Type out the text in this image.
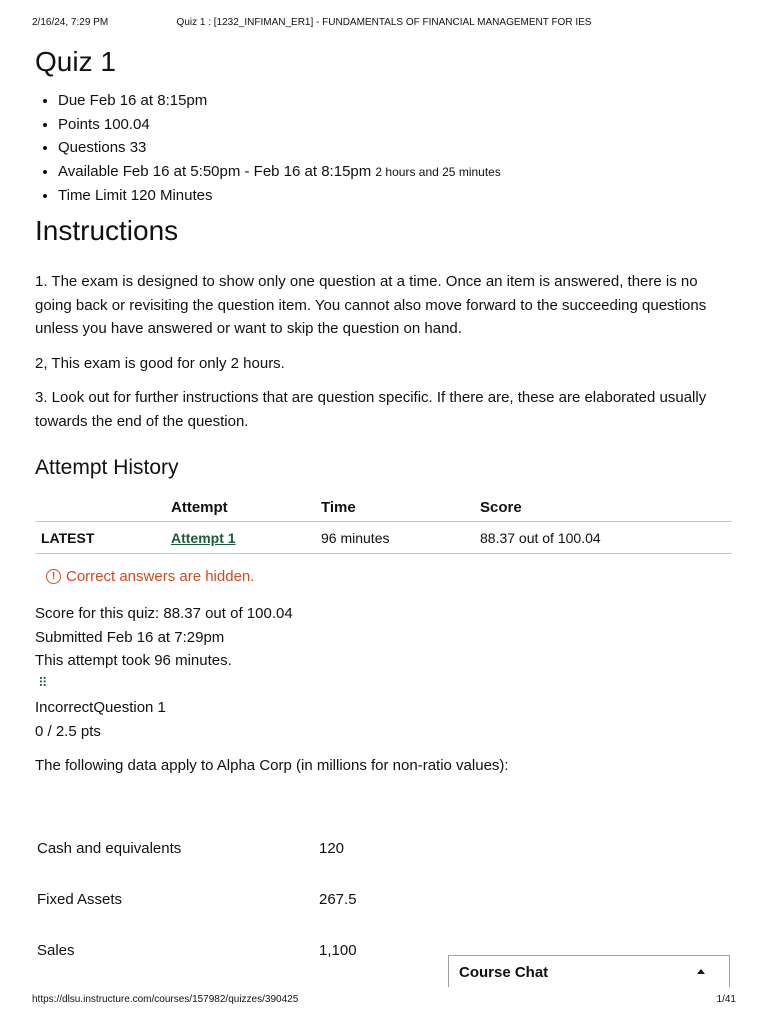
2/16/24, 7:29 PM	Quiz 1 : [1232_INFIMAN_ER1] - FUNDAMENTALS OF FINANCIAL MANAGEMENT FOR IES
Quiz 1
• Due Feb 16 at 8:15pm
• Points 100.04
• Questions 33
• Available Feb 16 at 5:50pm - Feb 16 at 8:15pm 2 hours and 25 minutes
• Time Limit 120 Minutes
Instructions

1. The exam is designed to show only one question at a time. Once an item is answered, there is no going back or revisiting the question item. You cannot also move forward to the succeeding questions unless you have answered or want to skip the question on hand.

2, This exam is good for only 2 hours.

3. Look out for further instructions that are question specific. If there are, these are elaborated usually towards the end of the question.

Attempt History
	Attempt	Time	Score
LATEST	Attempt 1	96 minutes	88.37 out of 100.04
! Correct answers are hidden.
Score for this quiz: 88.37 out of 100.04
Submitted Feb 16 at 7:29pm
This attempt took 96 minutes.
⠿
IncorrectQuestion 1
0 / 2.5 pts
The following data apply to Alpha Corp (in millions for non-ratio values):
Cash and equivalents	120
Fixed Assets	267.5
Sales	1,100
Course Chat
https://dlsu.instructure.com/courses/157982/quizzes/390425	1/41
